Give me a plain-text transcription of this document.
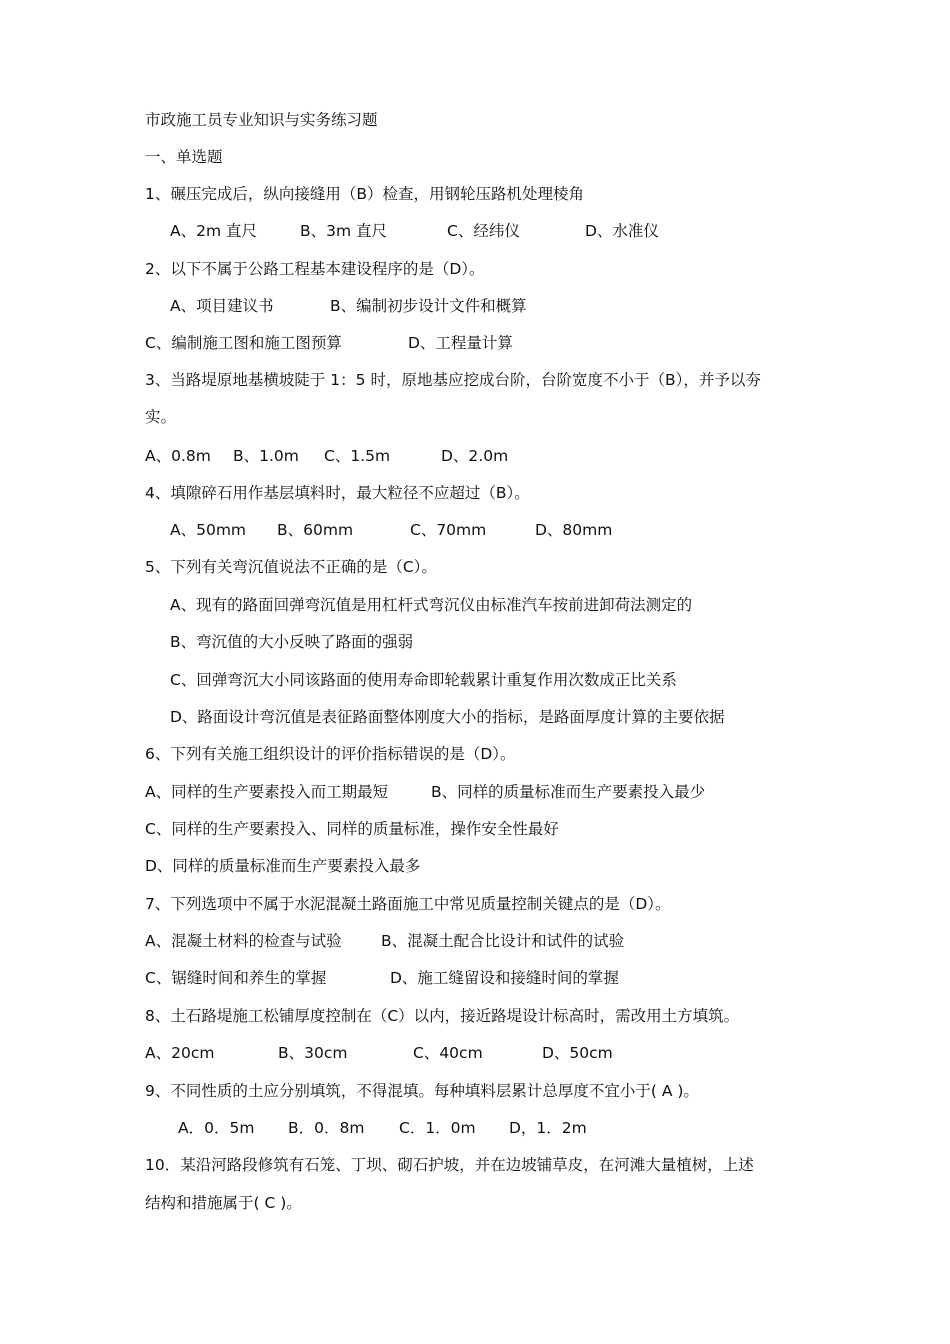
市政施工员专业知识与实务练习题
一、单选题
1、碾压完成后，纵向接缝用（B）检查，用钢轮压路机处理棱角
A、2m 直尺	B、3m 直尺	C、经纬仪	D、水准仪
2、以下不属于公路工程基本建设程序的是（D）。
A、项目建议书	B、编制初步设计文件和概算
C、编制施工图和施工图预算	D、工程量计算
3、当路堤原地基横坡陡于 1：5 时，原地基应挖成台阶，台阶宽度不小于（B），并予以夯
实。
A、0.8m B、1.0m C、1.5m	D、2.0m
4、填隙碎石用作基层填料时，最大粒径不应超过（B）。
A、50mm B、60mm	C、70mm	D、80mm
5、下列有关弯沉值说法不正确的是（C）。
A、现有的路面回弹弯沉值是用杠杆式弯沉仪由标准汽车按前进卸荷法测定的
B、弯沉值的大小反映了路面的强弱
C、回弹弯沉大小同该路面的使用寿命即轮载累计重复作用次数成正比关系
D、路面设计弯沉值是表征路面整体刚度大小的指标，是路面厚度计算的主要依据
6、下列有关施工组织设计的评价指标错误的是（D）。
A、同样的生产要素投入而工期最短	B、同样的质量标准而生产要素投入最少
C、同样的生产要素投入、同样的质量标准，操作安全性最好
D、同样的质量标准而生产要素投入最多
7、下列选项中不属于水泥混凝土路面施工中常见质量控制关键点的是（D）。
A、混凝土材料的检查与试验	B、混凝土配合比设计和试件的试验
C、锯缝时间和养生的掌握	D、施工缝留设和接缝时间的掌握
8、土石路堤施工松铺厚度控制在（C）以内，接近路堤设计标高时，需改用土方填筑。
A、20cm	B、30cm	C、40cm	D、50cm
9、不同性质的土应分别填筑，不得混填。每种填料层累计总厚度不宜小于( A )。
A．0．5m B．0．8m C．1．0m D，1．2m
10．某沿河路段修筑有石笼、丁坝、砌石护坡，并在边坡铺草皮，在河滩大量植树，上述
结构和措施属于( C )。
